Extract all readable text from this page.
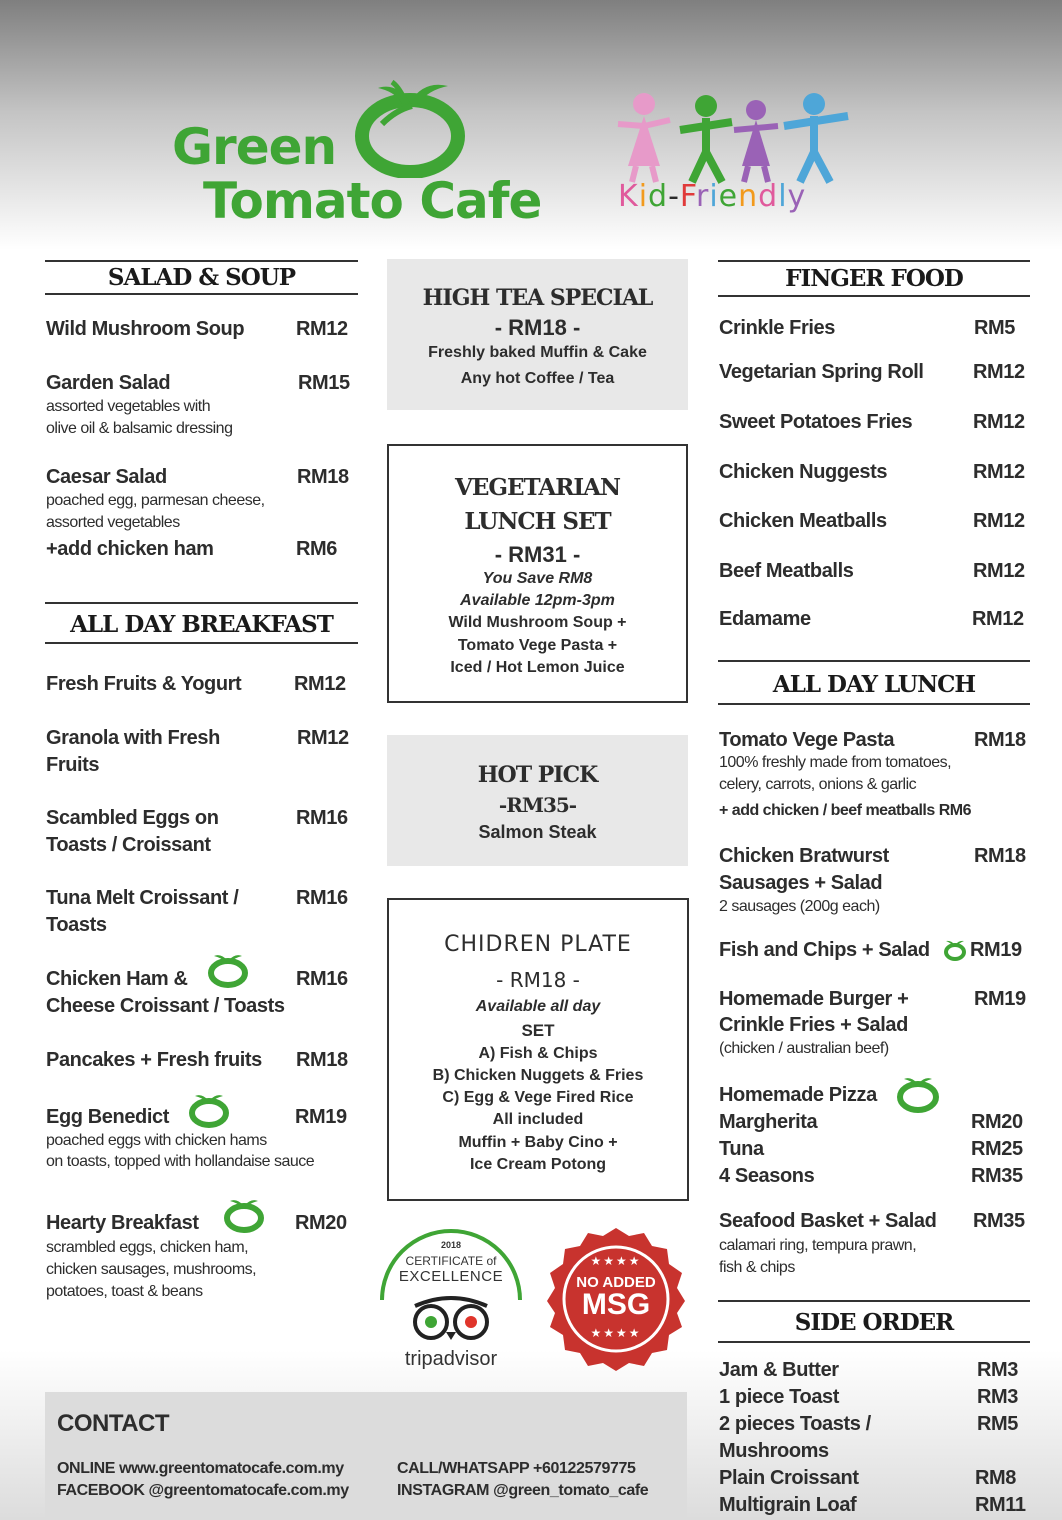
Green
Tomato Cafe	Kid-Friendly
SALAD & SOUP
Wild Mushroom Soup	RM12
Garden Salad	RM15
assorted vegetables with
olive oil & balsamic dressing
Caesar Salad	RM18
poached egg, parmesan cheese,
assorted vegetables
+add chicken ham	RM6
ALL DAY BREAKFAST
Fresh Fruits & Yogurt	RM12
Granola with Fresh
Fruits
RM12
Scambled Eggs on
Toasts / Croissant
RM16
Tuna Melt Croissant /
Toasts
RM16
Chicken Ham &
Cheese Croissant / Toasts
RM16
Pancakes + Fresh fruits RM18
Egg Benedict	RM19
poached eggs with chicken hams
on toasts, topped with hollandaise sauce
Hearty Breakfast	RM20
scrambled eggs, chicken ham,
chicken sausages, mushrooms,
potatoes, toast & beans
HIGH TEA SPECIAL
- RM18 -
Freshly baked Muffin & Cake
Any hot Coffee / Tea
VEGETARIAN
LUNCH SET
- RM31 -
You Save RM8
Available 12pm-3pm
Wild Mushroom Soup +
Tomato Vege Pasta +
Iced / Hot Lemon Juice
HOT PICK
-RM35-
Salmon Steak
CHIDREN PLATE
- RM18 -
Available all day
SET
A) Fish & Chips
B) Chicken Nuggets & Fries
C) Egg & Vege Fired Rice
All included
Muffin + Baby Cino +
Ice Cream Potong
2018
CERTIFICATE of
EXCELLENCE
tripadvisor
★★★★
NO ADDED
MSG
★★★★
FINGER FOOD
Crinkle Fries	RM5
Vegetarian Spring Roll RM12
Sweet Potatoes Fries	RM12
Chicken Nuggests	RM12
Chicken Meatballs	RM12
Beef Meatballs	RM12
Edamame	RM12
ALL DAY LUNCH
Tomato Vege Pasta	RM18
100% freshly made from tomatoes,
celery, carrots, onions & garlic
+ add chicken / beef meatballs RM6
Chicken Bratwurst
Sausages + Salad
RM18
2 sausages (200g each)
Fish and Chips + Salad RM19
Homemade Burger +
Crinkle Fries + Salad
RM19
(chicken / australian beef)
Homemade Pizza
Margherita	RM20
Tuna	RM25
4 Seasons	RM35
Seafood Basket + Salad RM35
calamari ring, tempura prawn,
fish & chips
SIDE ORDER
Jam & Butter	RM3
1 piece Toast	RM3
2 pieces Toasts /	RM5
Mushrooms
Plain Croissant	RM8
Multigrain Loaf	RM11
CONTACT
ONLINE www.greentomatocafe.com.my
FACEBOOK @greentomatocafe.com.my
CALL/WHATSAPP +60122579775
INSTAGRAM @green_tomato_cafe
